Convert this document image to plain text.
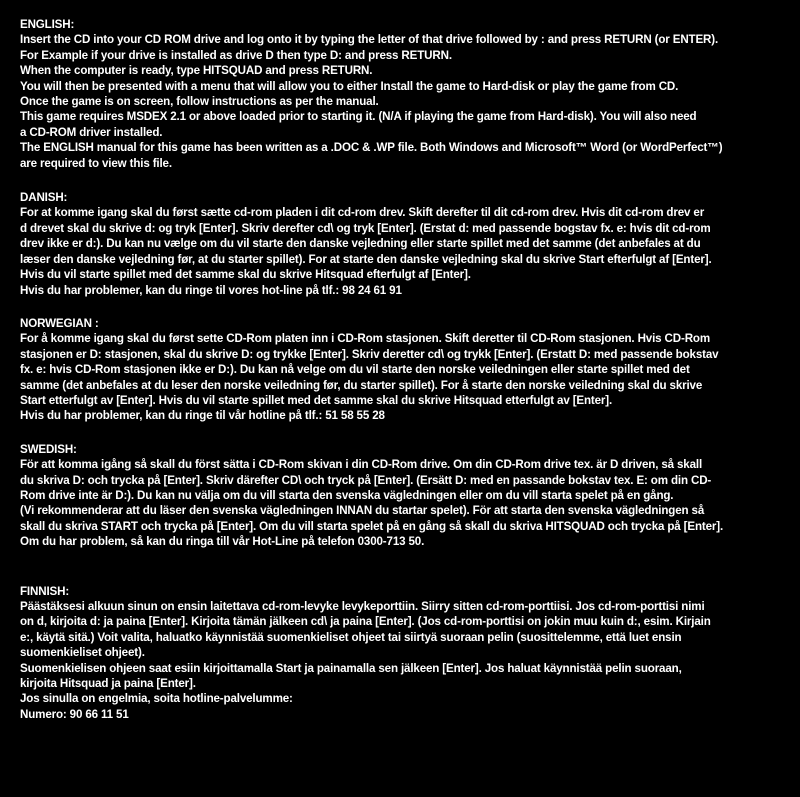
ENGLISH:
Insert the CD into your CD ROM drive and log onto it by typing the letter of that drive followed by : and press RETURN (or ENTER).
For Example if your drive is installed as drive D then type D: and press RETURN.
When the computer is ready, type HITSQUAD and press RETURN.
You will then be presented with a menu that will allow you to either Install the game to Hard-disk or play the game from CD.
Once the game is on screen, follow instructions as per the manual.
This game requires MSDEX 2.1 or above loaded prior to starting it. (N/A if playing the game from Hard-disk). You will also need
a CD-ROM driver installed.
The ENGLISH manual for this game has been written as a .DOC & .WP file. Both Windows and Microsoft™ Word (or WordPerfect™)
are required to view this file.
DANISH:
For at komme igang skal du først sætte cd-rom pladen i dit cd-rom drev. Skift derefter til dit cd-rom drev. Hvis dit cd-rom drev er
d drevet skal du skrive d: og tryk [Enter]. Skriv derefter cd\ og tryk [Enter]. (Erstat d: med passende bogstav fx. e: hvis dit cd-rom
drev ikke er d:). Du kan nu vælge om du vil starte den danske vejledning eller starte spillet med det samme (det anbefales at du
læser den danske vejledning før, at du starter spillet). For at starte den danske vejledning skal du skrive Start efterfulgt af [Enter].
Hvis du vil starte spillet med det samme skal du skrive Hitsquad efterfulgt af [Enter].
Hvis du har problemer, kan du ringe til vores hot-line på tlf.: 98 24 61 91
NORWEGIAN :
For å komme igang skal du først sette CD-Rom platen inn i CD-Rom stasjonen. Skift deretter til CD-Rom stasjonen. Hvis CD-Rom
stasjonen er D: stasjonen, skal du skrive D: og trykke [Enter]. Skriv deretter cd\ og trykk [Enter]. (Erstatt D: med passende bokstav
fx. e: hvis CD-Rom stasjonen ikke er D:). Du kan nå velge om du vil starte den norske veiledningen eller starte spillet med det
samme (det anbefales at du leser den norske veiledning før, du starter spillet). For å starte den norske veiledning skal du skrive
Start etterfulgt av [Enter]. Hvis du vil starte spillet med det samme skal du skrive Hitsquad etterfulgt av [Enter].
Hvis du har problemer, kan du ringe til vår hotline på tlf.: 51 58 55 28
SWEDISH:
För att komma igång så skall du först sätta i CD-Rom skivan i din CD-Rom drive. Om din CD-Rom drive tex. är D driven, så skall
du skriva D: och trycka på [Enter]. Skriv därefter CD\ och tryck på [Enter]. (Ersätt D: med en passande bokstav tex. E: om din CD-
Rom drive inte är D:). Du kan nu välja om du vill starta den svenska vägledningen eller om du vill starta spelet på en gång.
(Vi rekommenderar att du läser den svenska vägledningen INNAN du startar spelet). För att starta den svenska vägledningen så
skall du skriva START och trycka på [Enter]. Om du vill starta spelet på en gång så skall du skriva HITSQUAD och trycka på [Enter].
Om du har problem, så kan du ringa till vår Hot-Line på telefon 0300-713 50.
FINNISH:
Päästäksesi alkuun sinun on ensin laitettava cd-rom-levyke levykeporttiin. Siirry sitten cd-rom-porttiisi. Jos cd-rom-porttisi nimi
on d, kirjoita d: ja paina [Enter]. Kirjoita tämän jälkeen cd\ ja paina [Enter]. (Jos cd-rom-porttisi on jokin muu kuin d:, esim. Kirjain
e:, käytä sitä.) Voit valita, haluatko käynnistää suomenkieliset ohjeet tai siirtyä suoraan pelin (suosittelemme, että luet ensin
suomenkieliset ohjeet).
Suomenkielisen ohjeen saat esiin kirjoittamalla Start ja painamalla sen jälkeen [Enter]. Jos haluat käynnistää pelin suoraan,
kirjoita Hitsquad ja paina [Enter].
Jos sinulla on engelmia, soita hotline-palvelumme:
Numero: 90 66 11 51
